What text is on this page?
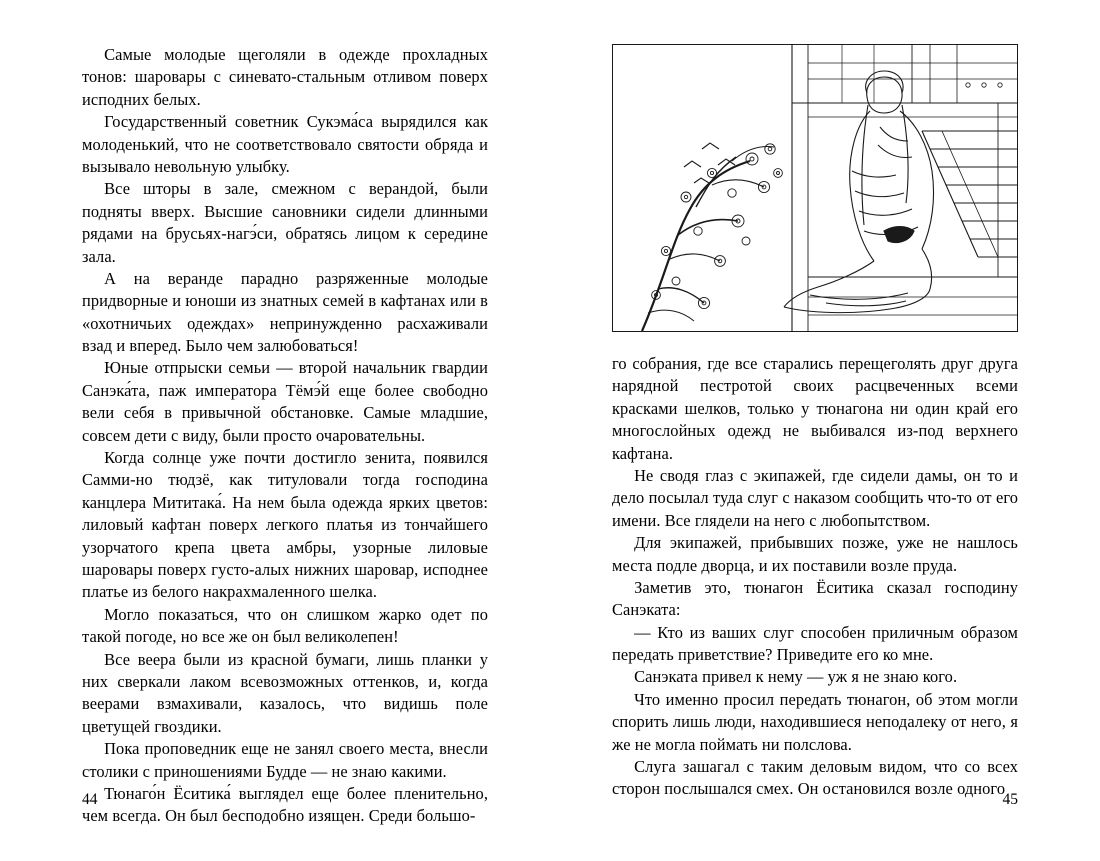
Самые молодые щеголяли в одежде прохладных тонов: шаровары с синевато-стальным отливом поверх исподних белых.

Государственный советник Сукэма́са вырядился как молоденький, что не соответствовало святости обряда и вызывало невольную улыбку.

Все шторы в зале, смежном с верандой, были подняты вверх. Высшие сановники сидели длинными рядами на брусьях-нагэ́си, обратясь лицом к середине зала.

А на веранде парадно разряженные молодые придворные и юноши из знатных семей в кафтанах или в «охотничьих одеждах» непринужденно расхаживали взад и вперед. Было чем залюбоваться!

Юные отпрыски семьи — второй начальник гвардии Санэка́та, паж императора Тёмэ́й еще более свободно вели себя в привычной обстановке. Самые младшие, совсем дети с виду, были просто очаровательны.

Когда солнце уже почти достигло зенита, появился Самми-но тюдзё, как титуловали тогда господина канцлера Мититака́. На нем была одежда ярких цветов: лиловый кафтан поверх легкого платья из тончайшего узорчатого крепа цвета амбры, узорные лиловые шаровары поверх густо-алых нижних шаровар, исподнее платье из белого накрахмаленного шелка.

Могло показаться, что он слишком жарко одет по такой погоде, но все же он был великолепен!

Все веера были из красной бумаги, лишь планки у них сверкали лаком всевозможных оттенков, и, когда веерами взмахивали, казалось, что видишь поле цветущей гвоздики.

Пока проповедник еще не занял своего места, внесли столики с приношениями Будде — не знаю какими.

Тюнаго́н Ёситика́ выглядел еще более пленительно, чем всегда. Он был бесподобно изящен. Среди большо-

44

го собрания, где все старались перещеголять друг друга нарядной пестротой своих расцвеченных всеми красками шелков, только у тюнагона ни один край его многослойных одежд не выбивался из-под верхнего кафтана.

Не сводя глаз с экипажей, где сидели дамы, он то и дело посылал туда слуг с наказом сообщить что-то от его имени. Все глядели на него с любопытством.

Для экипажей, прибывших позже, уже не нашлось места подле дворца, и их поставили возле пруда.

Заметив это, тюнагон Ёситика сказал господину Санэката:

— Кто из ваших слуг способен приличным образом передать приветствие? Приведите его ко мне.

Санэката привел к нему — уж я не знаю кого.

Что именно просил передать тюнагон, об этом могли спорить лишь люди, находившиеся неподалеку от него, я же не могла поймать ни полслова.

Слуга зашагал с таким деловым видом, что со всех сторон послышался смех. Он остановился возле одного

45
